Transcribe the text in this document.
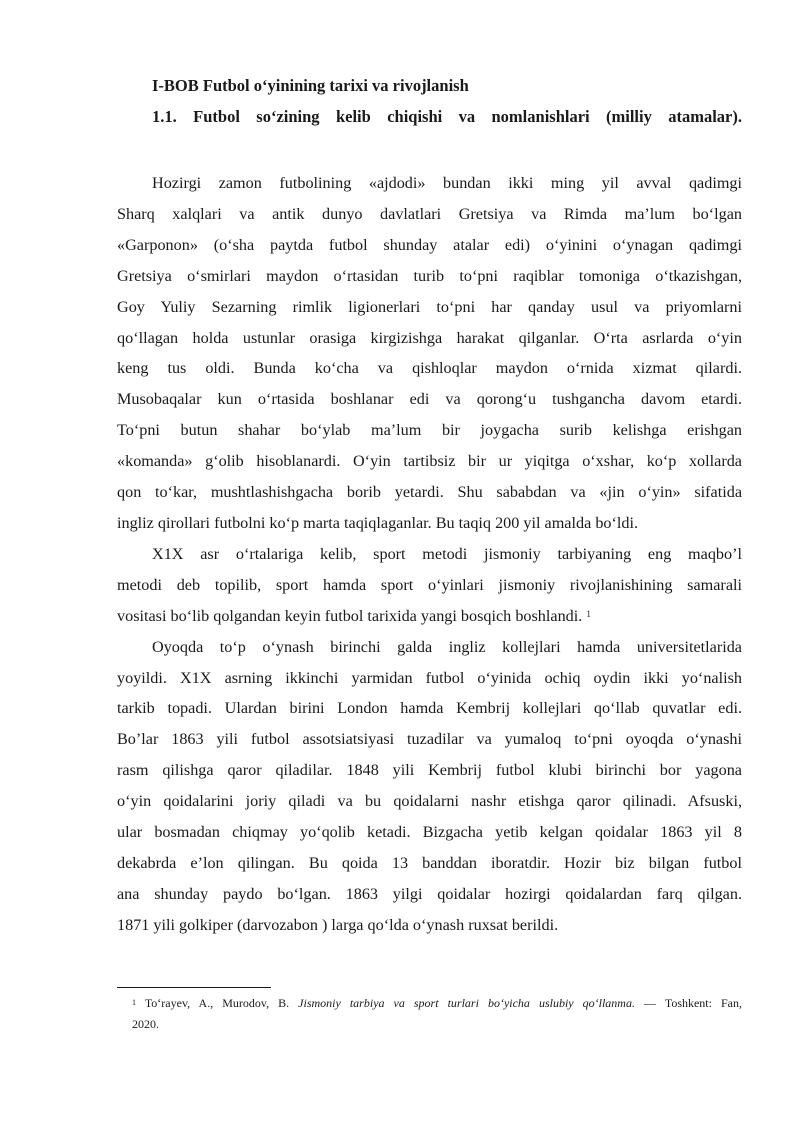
I-BOB Futbol o‘yinining tarixi va rivojlanish
1.1. Futbol so‘zining kelib chiqishi va nomlanishlari (milliy atamalar).
Hozirgi zamon futbolining «ajdodi» bundan ikki ming yil avval qadimgi
Sharq xalqlari va antik dunyo davlatlari Gretsiya va Rimda ma’lum bo‘lgan
«Garponon» (o‘sha paytda futbol shunday atalar edi) o‘yinini o‘ynagan qadimgi
Gretsiya o‘smirlari maydon o‘rtasidan turib to‘pni raqiblar tomoniga o‘tkazishgan,
Goy Yuliy Sezarning rimlik ligionerlari to‘pni har qanday usul va priyomlarni
qo‘llagan holda ustunlar orasiga kirgizishga harakat qilganlar. O‘rta asrlarda o‘yin
keng tus oldi. Bunda ko‘cha va qishloqlar maydon o‘rnida xizmat qilardi.
Musobaqalar kun o‘rtasida boshlanar edi va qorong‘u tushgancha davom etardi.
To‘pni butun shahar bo‘ylab ma’lum bir joygacha surib kelishga erishgan
«komanda» g‘olib hisoblanardi. O‘yin tartibsiz bir ur yiqitga o‘xshar, ko‘p xollarda
qon to‘kar, mushtlashishgacha borib yetardi. Shu sababdan va «jin o‘yin» sifatida
ingliz qirollari futbolni ko‘p marta taqiqlaganlar. Bu taqiq 200 yil amalda bo‘ldi.
X1X asr o‘rtalariga kelib, sport metodi jismoniy tarbiyaning eng maqbo’l
metodi deb topilib, sport hamda sport o‘yinlari jismoniy rivojlanishining samarali
vositasi bo‘lib qolgandan keyin futbol tarixida yangi bosqich boshlandi. $^1$
Oyoqda to‘p o‘ynash birinchi galda ingliz kollejlari hamda universitetlarida
yoyildi. X1X asrning ikkinchi yarmidan futbol o‘yinida ochiq oydin ikki yo‘nalish
tarkib topadi. Ulardan birini London hamda Kembrij kollejlari qo‘llab quvatlar edi.
Bo’lar 1863 yili futbol assotsiatsiyasi tuzadilar va yumaloq to‘pni oyoqda o‘ynashi
rasm qilishga qaror qiladilar. 1848 yili Kembrij futbol klubi birinchi bor yagona
o‘yin qoidalarini joriy qiladi va bu qoidalarni nashr etishga qaror qilinadi. Afsuski,
ular bosmadan chiqmay yo‘qolib ketadi. Bizgacha yetib kelgan qoidalar 1863 yil 8
dekabrda e’lon qilingan. Bu qoida 13 banddan iboratdir. Hozir biz bilgan futbol
ana shunday paydo bo‘lgan. 1863 yilgi qoidalar hozirgi qoidalardan farq qilgan.
1871 yili golkiper (darvozabon ) larga qo‘lda o‘ynash ruxsat berildi.
$^1$ To‘rayev, A., Murodov, B. Jismoniy tarbiya va sport turlari bo‘yicha uslubiy qo‘llanma. — Toshkent: Fan,
2020.
